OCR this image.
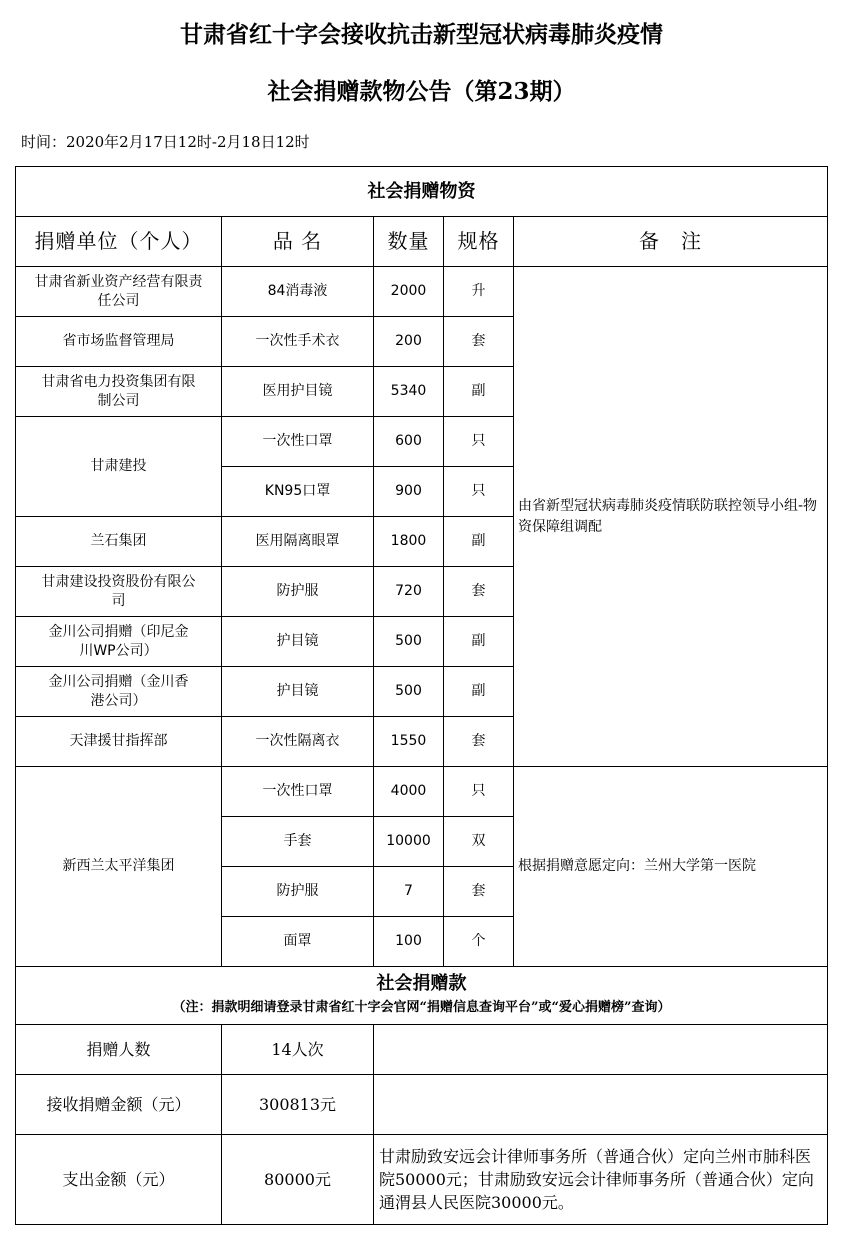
甘肃省红十字会接收抗击新型冠状病毒肺炎疫情
社会捐赠款物公告（第23期）
时间：2020年2月17日12时-2月18日12时
社会捐赠物资				
捐赠单位（个人）	品 名	数量	规格	备　注
甘肃省新业资产经营有限责任公司	84消毒液	2000	升	由省新型冠状病毒肺炎疫情联防联控领导小组-物资保障组调配
省市场监督管理局	一次性手术衣	200	套	
甘肃省电力投资集团有限制公司	医用护目镜	5340	副	
甘肃建投	一次性口罩	600	只	
	KN95口罩	900	只	
兰石集团	医用隔离眼罩	1800	副	
甘肃建设投资股份有限公司	防护服	720	套	
金川公司捐赠（印尼金川WP公司）	护目镜	500	副	
金川公司捐赠（金川香港公司）	护目镜	500	副	
天津援甘指挥部	一次性隔离衣	1550	套	
新西兰太平洋集团	一次性口罩	4000	只	根据捐赠意愿定向：兰州大学第一医院
	手套	10000	双	
	防护服	7	套	
	面罩	100	个	

社会捐赠款
（注：捐款明细请登录甘肃省红十字会官网“捐赠信息查询平台”或“爱心捐赠榜”查询）				

捐赠人数	14人次			
接收捐赠金额（元）	300813元			
支出金额（元）	80000元	甘肃励致安远会计律师事务所（普通合伙）定向兰州市肺科医院50000元；甘肃励致安远会计律师事务所（普通合伙）定向通渭县人民医院30000元。		
